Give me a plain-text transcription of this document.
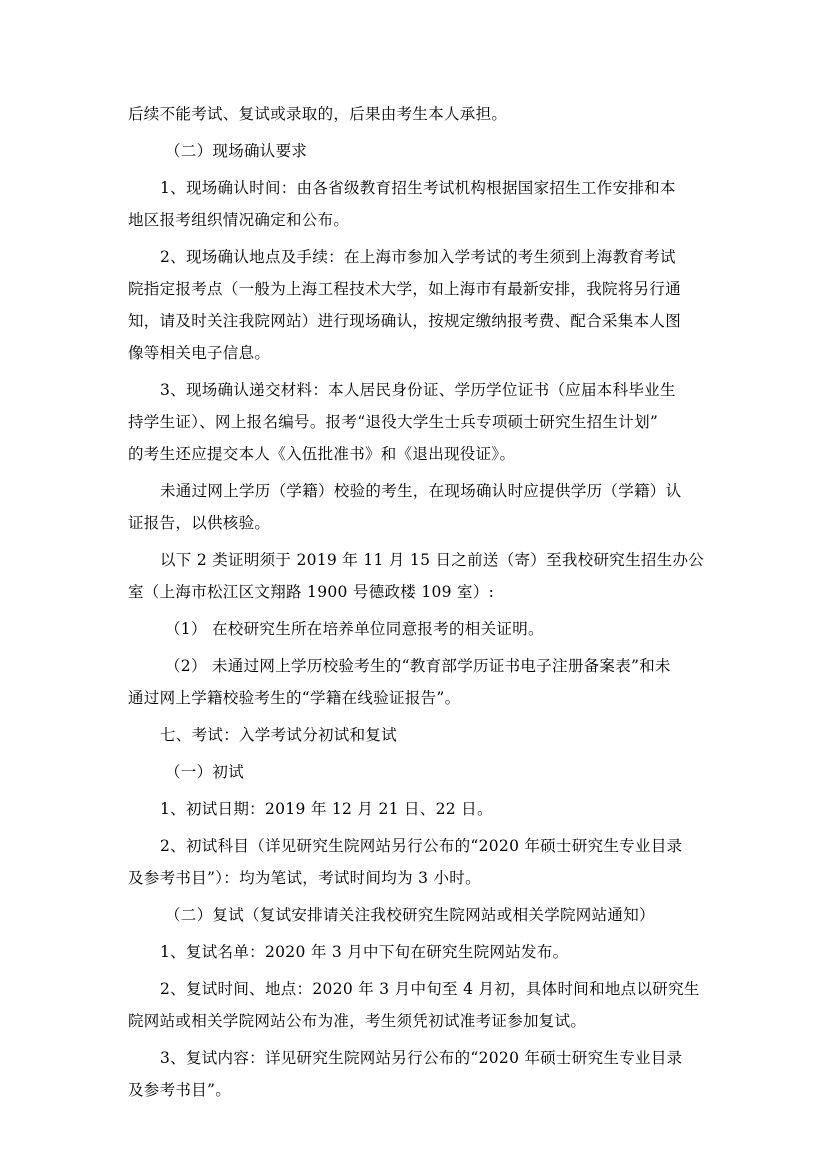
后续不能考试、复试或录取的，后果由考生本人承担。
（二）现场确认要求
1、现场确认时间：由各省级教育招生考试机构根据国家招生工作安排和本
地区报考组织情况确定和公布。
2、现场确认地点及手续：在上海市参加入学考试的考生须到上海教育考试
院指定报考点（一般为上海工程技术大学，如上海市有最新安排，我院将另行通
知，请及时关注我院网站）进行现场确认，按规定缴纳报考费、配合采集本人图
像等相关电子信息。
3、现场确认递交材料：本人居民身份证、学历学位证书（应届本科毕业生
持学生证）、网上报名编号。报考“退役大学生士兵专项硕士研究生招生计划”
的考生还应提交本人《入伍批准书》和《退出现役证》。
未通过网上学历（学籍）校验的考生，在现场确认时应提供学历（学籍）认
证报告，以供核验。
以下 2 类证明须于 2019 年 11 月 15 日之前送（寄）至我校研究生招生办公
室（上海市松江区文翔路 1900 号德政楼 109 室）:
（1） 在校研究生所在培养单位同意报考的相关证明。
（2） 未通过网上学历校验考生的“教育部学历证书电子注册备案表”和未
通过网上学籍校验考生的“学籍在线验证报告”。
七、考试：入学考试分初试和复试
（一）初试
1、初试日期：2019 年 12 月 21 日、22 日。
2、初试科目（详见研究生院网站另行公布的“2020 年硕士研究生专业目录
及参考书目”）：均为笔试，考试时间均为 3 小时。
（二）复试（复试安排请关注我校研究生院网站或相关学院网站通知）
1、复试名单：2020 年 3 月中下旬在研究生院网站发布。
2、复试时间、地点：2020 年 3 月中旬至 4 月初，具体时间和地点以研究生
院网站或相关学院网站公布为准，考生须凭初试准考证参加复试。
3、复试内容：详见研究生院网站另行公布的“2020 年硕士研究生专业目录
及参考书目”。
